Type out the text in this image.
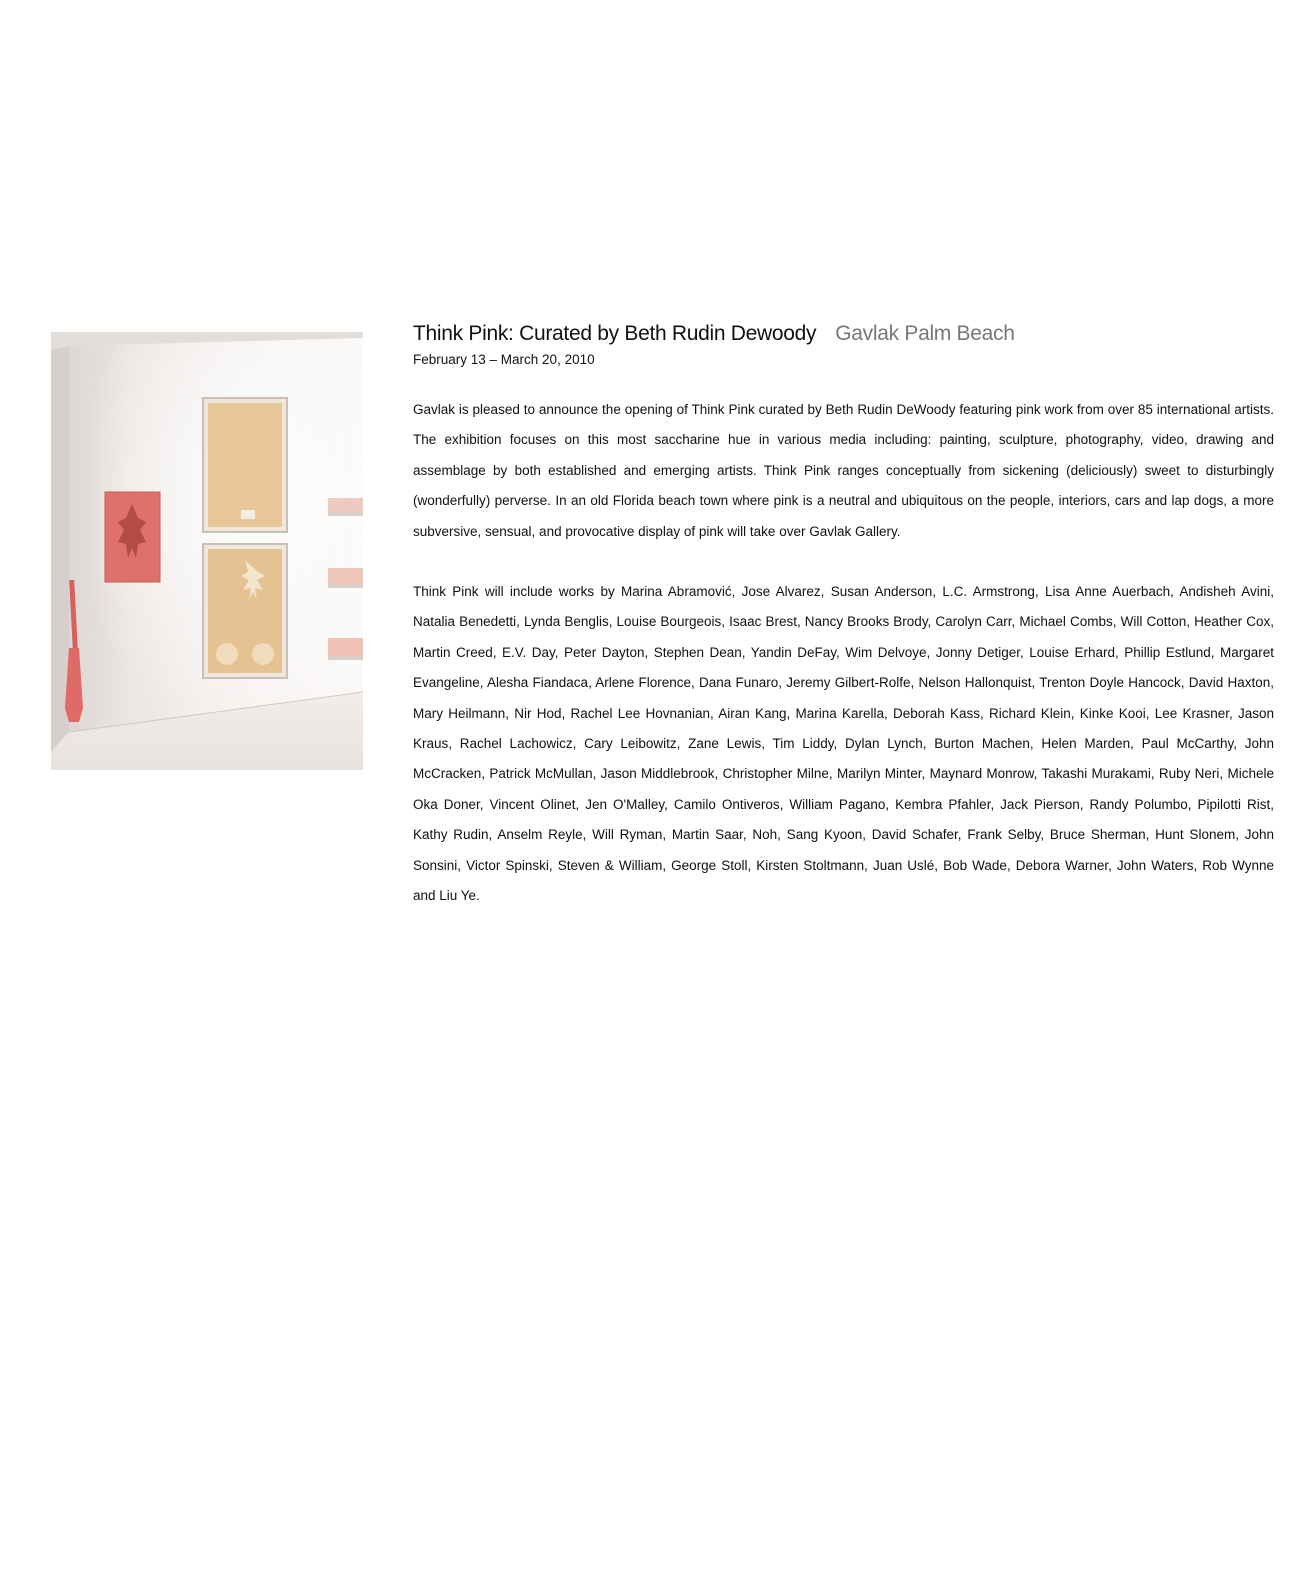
Think Pink: Curated by Beth Rudin Dewoody Gavlak Palm Beach
February 13 – March 20, 2010

Gavlak is pleased to announce the opening of Think Pink curated by Beth Rudin DeWoody featuring pink work from over 85 international artists. The exhibition focuses on this most saccharine hue in various media including: painting, sculpture, photography, video, drawing and assemblage by both established and emerging artists. Think Pink ranges conceptually from sickening (deliciously) sweet to disturbingly (wonderfully) perverse. In an old Florida beach town where pink is a neutral and ubiquitous on the people, interiors, cars and lap dogs, a more subversive, sensual, and provocative display of pink will take over Gavlak Gallery.

Think Pink will include works by Marina Abramović, Jose Alvarez, Susan Anderson, L.C. Armstrong, Lisa Anne Auerbach, Andisheh Avini, Natalia Benedetti, Lynda Benglis, Louise Bourgeois, Isaac Brest, Nancy Brooks Brody, Carolyn Carr, Michael Combs, Will Cotton, Heather Cox, Martin Creed, E.V. Day, Peter Dayton, Stephen Dean, Yandin DeFay, Wim Delvoye, Jonny Detiger, Louise Erhard, Phillip Estlund, Margaret Evangeline, Alesha Fiandaca, Arlene Florence, Dana Funaro, Jeremy Gilbert-Rolfe, Nelson Hallonquist, Trenton Doyle Hancock, David Haxton, Mary Heilmann, Nir Hod, Rachel Lee Hovnanian, Airan Kang, Marina Karella, Deborah Kass, Richard Klein, Kinke Kooi, Lee Krasner, Jason Kraus, Rachel Lachowicz, Cary Leibowitz, Zane Lewis, Tim Liddy, Dylan Lynch, Burton Machen, Helen Marden, Paul McCarthy, John McCracken, Patrick McMullan, Jason Middlebrook, Christopher Milne, Marilyn Minter, Maynard Monrow, Takashi Murakami, Ruby Neri, Michele Oka Doner, Vincent Olinet, Jen O'Malley, Camilo Ontiveros, William Pagano, Kembra Pfahler, Jack Pierson, Randy Polumbo, Pipilotti Rist, Kathy Rudin, Anselm Reyle, Will Ryman, Martin Saar, Noh, Sang Kyoon, David Schafer, Frank Selby, Bruce Sherman, Hunt Slonem, John Sonsini, Victor Spinski, Steven & William, George Stoll, Kirsten Stoltmann, Juan Uslé, Bob Wade, Debora Warner, John Waters, Rob Wynne and Liu Ye.
